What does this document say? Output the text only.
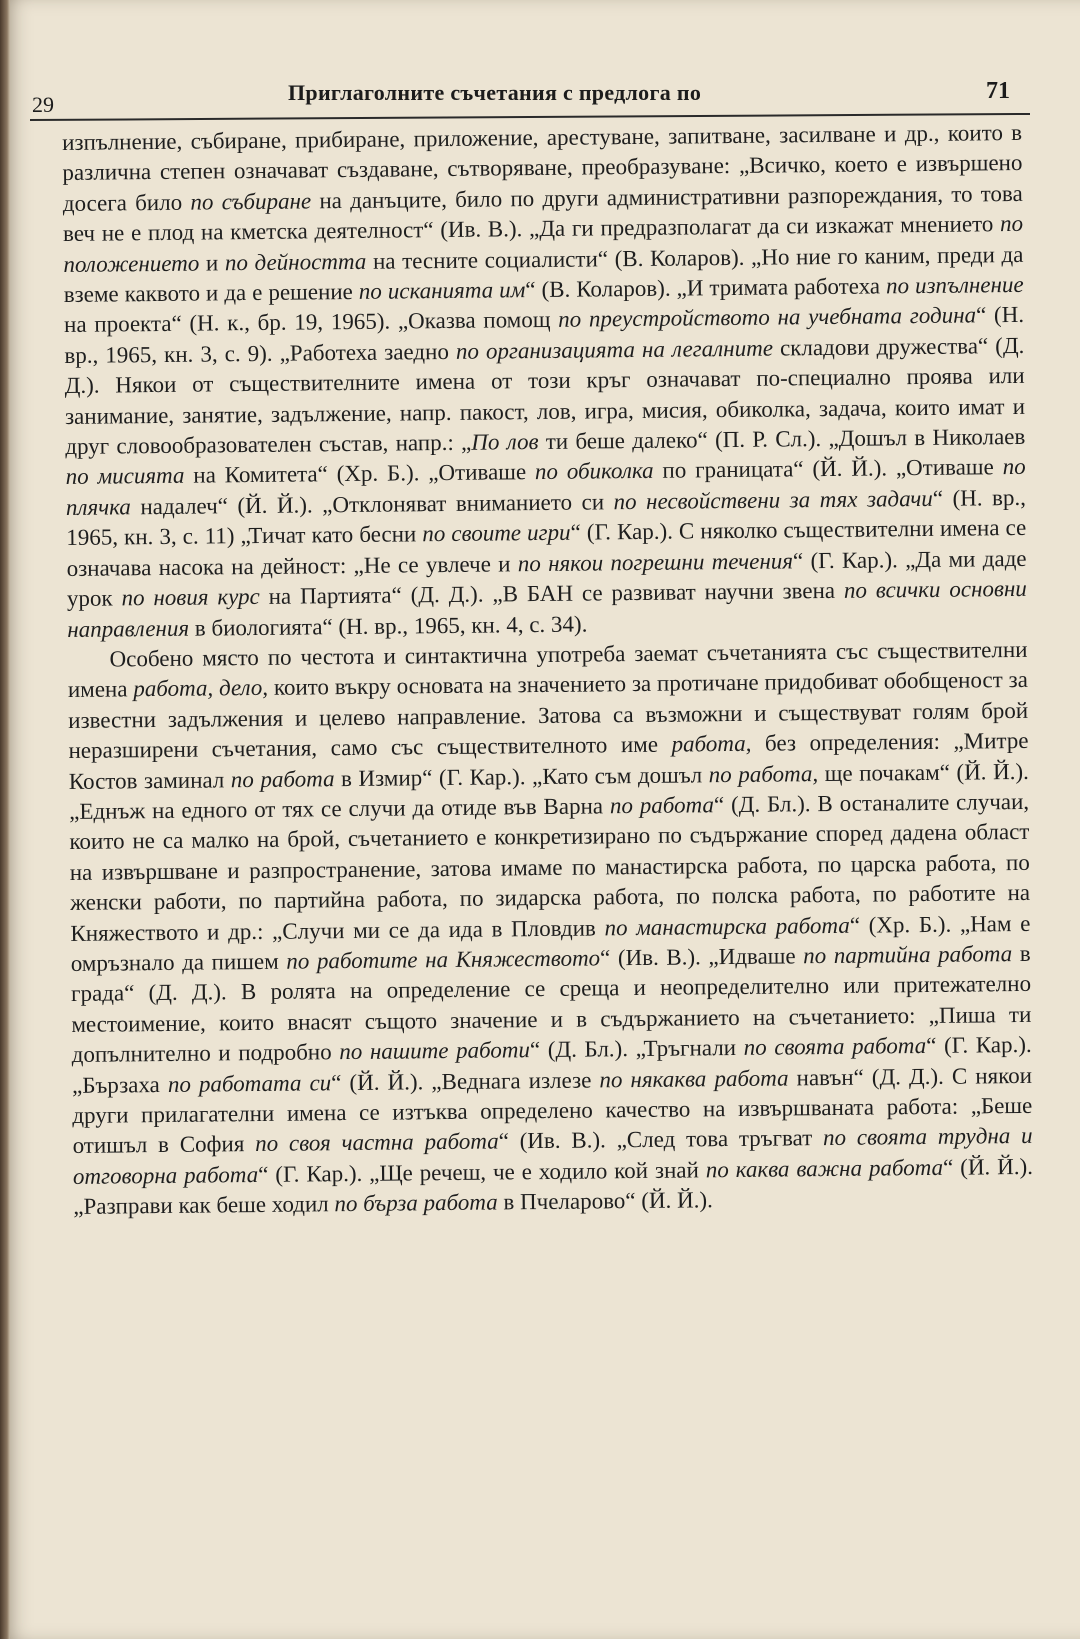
29	Приглаголните съчетания с предлога по	71

изпълнение, събиране, прибиране, приложение, арестуване, запитване, засилване и др., които в различна степен означават създаване, сътворяване, преобразуване: „Всичко, което е извършено досега било по събиране на данъците, било по други административни разпореждания, то това веч не е плод на кметска деятелност“ (Ив. В.). „Да ги предразполагат да си изкажат мнението по положението и по дейността на тесните социалисти“ (В. Коларов). „Но ние го каним, преди да вземе каквото и да е решение по исканията им“ (В. Коларов). „И тримата работеха по изпълнение на проекта“ (Н. к., бр. 19, 1965). „Оказва помощ по преустройството на учебната година“ (Н. вр., 1965, кн. 3, с. 9). „Работеха заедно по организацията на легалните складови дружества“ (Д. Д.). Някои от съществителните имена от този кръг означават по-специално проява или занимание, занятие, задължение, напр. пакост, лов, игра, мисия, обиколка, задача, които имат и друг словообразователен състав, напр.: „По лов ти беше далеко“ (П. Р. Сл.). „Дошъл в Николаев по мисията на Комитета“ (Хр. Б.). „Отиваше по обиколка по границата“ (Й. Й.). „Отиваше по плячка надалеч“ (Й. Й.). „Отклоняват вниманието си по несвойствени за тях задачи“ (Н. вр., 1965, кн. 3, с. 11) „Тичат като бесни по своите игри“ (Г. Кар.). С няколко съществителни имена се означава насока на дейност: „Не се увлече и по някои погрешни течения“ (Г. Кар.). „Да ми даде урок по новия курс на Партията“ (Д. Д.). „В БАН се развиват научни звена по всички основни направления в биологията“ (Н. вр., 1965, кн. 4, с. 34).

Особено място по честота и синтактична употреба заемат съчетанията със съществителни имена работа, дело, които въкру основата на значението за протичане придобиват обобщеност за известни задължения и целево направление. Затова са възможни и съществуват голям брой неразширени съчетания, само със съществителното име работа, без определения: „Митре Костов заминал по работа в Измир“ (Г. Кар.). „Като съм дошъл по работа, ще почакам“ (Й. Й.). „Еднъж на едного от тях се случи да отиде във Варна по работа“ (Д. Бл.). В останалите случаи, които не са малко на брой, съчетанието е конкретизирано по съдържание според дадена област на извършване и разпространение, затова имаме по манастирска работа, по царска работа, по женски работи, по партийна работа, по зидарска работа, по полска работа, по работите на Княжеството и др.: „Случи ми се да ида в Пловдив по манастирска работа“ (Хр. Б.). „Нам е омръзнало да пишем по работите на Княжеството“ (Ив. В.). „Идваше по партийна работа в града“ (Д. Д.). В ролята на определение се среща и неопределително или притежателно местоимение, които внасят същото значение и в съдържанието на съчетанието: „Пиша ти допълнително и подробно по нашите работи“ (Д. Бл.). „Тръгнали по своята работа“ (Г. Кар.). „Бързаха по работата си“ (Й. Й.). „Веднага излезе по някаква работа навън“ (Д. Д.). С някои други прилагателни имена се изтъква определено качество на извършваната работа: „Беше отишъл в София по своя частна работа“ (Ив. В.). „След това тръгват по своята трудна и отговорна работа“ (Г. Кар.). „Ще речеш, че е ходило кой знай по каква важна работа“ (Й. Й.). „Разправи как беше ходил по бърза работа в Пчеларово“ (Й. Й.).
